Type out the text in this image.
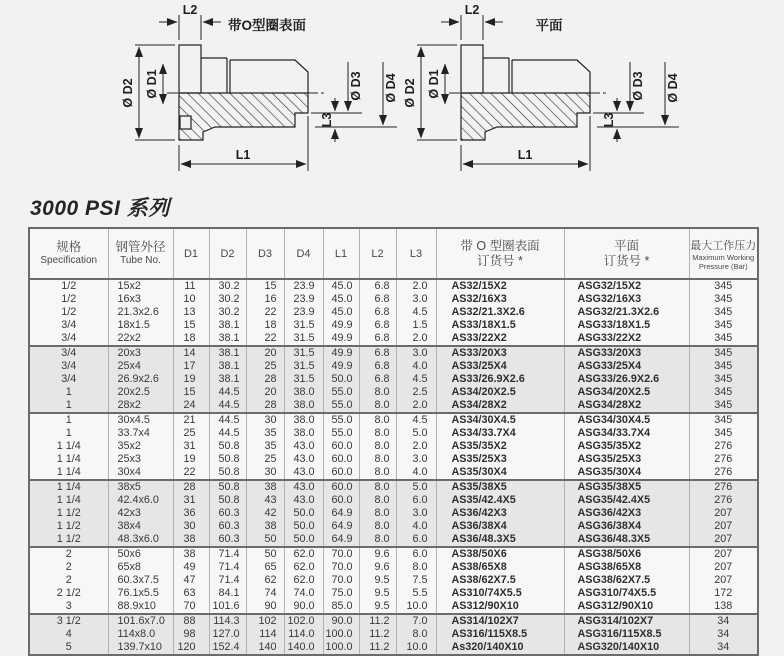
L2
带O型圈表面
Ø D2 Ø D1	Ø D3 Ø D4
L3
L1
L2
平面
Ø D2 Ø D1	Ø D3 Ø D4
L3
L1
3000 PSI 系列
规格
Specification

钢管外径
Tube No.

D1	D2	D3	D4	L1	L2	L3

带 O 型圈表面
订货号 *

平面
订货号 *

最大工作压力
Maximum Working
Pressure (Bar)

1/2	15x2	11	30.2	15	23.9	45.0	6.8	2.0	AS32/15X2	ASG32/15X2	345
1/2	16x3	10	30.2	16	23.9	45.0	6.8	3.0	AS32/16X3	ASG32/16X3	345
1/2	21.3x2.6	13	30.2	22	23.9	45.0	6.8	4.5	AS32/21.3X2.6	ASG32/21.3X2.6	345
3/4	18x1.5	15	38.1	18	31.5	49.9	6.8	1.5	AS33/18X1.5	ASG33/18X1.5	345
3/4	22x2	18	38.1	22	31.5	49.9	6.8	2.0	AS33/22X2	ASG33/22X2	345
3/4	20x3	14	38.1	20	31.5	49.9	6.8	3.0	AS33/20X3	ASG33/20X3	345
3/4	25x4	17	38.1	25	31.5	49.9	6.8	4.0	AS33/25X4	ASG33/25X4	345
3/4	26.9x2.6	19	38.1	28	31.5	50.0	6.8	4.5	AS33/26.9X2.6	ASG33/26.9X2.6	345
1	20x2.5	15	44.5	20	38.0	55.0	8.0	2.5	AS34/20X2.5	ASG34/20X2.5	345
1	28x2	24	44.5	28	38.0	55.0	8.0	2.0	AS34/28X2	ASG34/28X2	345
1	30x4.5	21	44.5	30	38.0	55.0	8.0	4.5	AS34/30X4.5	ASG34/30X4.5	345
1	33.7x4	25	44.5	35	38.0	55.0	8.0	5.0	AS34/33.7X4	ASG34/33.7X4	345
1 1/4	35x2	31	50.8	35	43.0	60.0	8.0	2.0	AS35/35X2	ASG35/35X2	276
1 1/4	25x3	19	50.8	25	43.0	60.0	8.0	3.0	AS35/25X3	ASG35/25X3	276
1 1/4	30x4	22	50.8	30	43.0	60.0	8.0	4.0	AS35/30X4	ASG35/30X4	276
1 1/4	38x5	28	50.8	38	43.0	60.0	8.0	5.0	AS35/38X5	ASG35/38X5	276
1 1/4	42.4x6.0	31	50.8	43	43.0	60.0	8.0	6.0	AS35/42.4X5	ASG35/42.4X5	276
1 1/2	42x3	36	60.3	42	50.0	64.9	8.0	3.0	AS36/42X3	ASG36/42X3	207
1 1/2	38x4	30	60.3	38	50.0	64.9	8.0	4.0	AS36/38X4	ASG36/38X4	207
1 1/2	48.3x6.0	38	60.3	50	50.0	64.9	8.0	6.0	AS36/48.3X5	ASG36/48.3X5	207
2	50x6	38	71.4	50	62.0	70.0	9.6	6.0	AS38/50X6	ASG38/50X6	207
2	65x8	49	71.4	65	62.0	70.0	9.6	8.0	AS38/65X8	ASG38/65X8	207
2	60.3x7.5	47	71.4	62	62.0	70.0	9.5	7.5	AS38/62X7.5	ASG38/62X7.5	207
2 1/2	76.1x5.5	63	84.1	74	74.0	75.0	9.5	5.5	AS310/74X5.5	ASG310/74X5.5	172
3	88.9x10	70	101.6	90	90.0	85.0	9.5	10.0	AS312/90X10	ASG312/90X10	138
3 1/2	101.6x7.0	88	114.3	102	102.0	90.0	11.2	7.0	AS314/102X7	ASG314/102X7	34
4	114x8.0	98	127.0	114	114.0	100.0	11.2	8.0	AS316/115X8.5	ASG316/115X8.5	34
5	139.7x10	120	152.4	140	140.0	100.0	11.2	10.0	As320/140X10	ASG320/140X10	34
